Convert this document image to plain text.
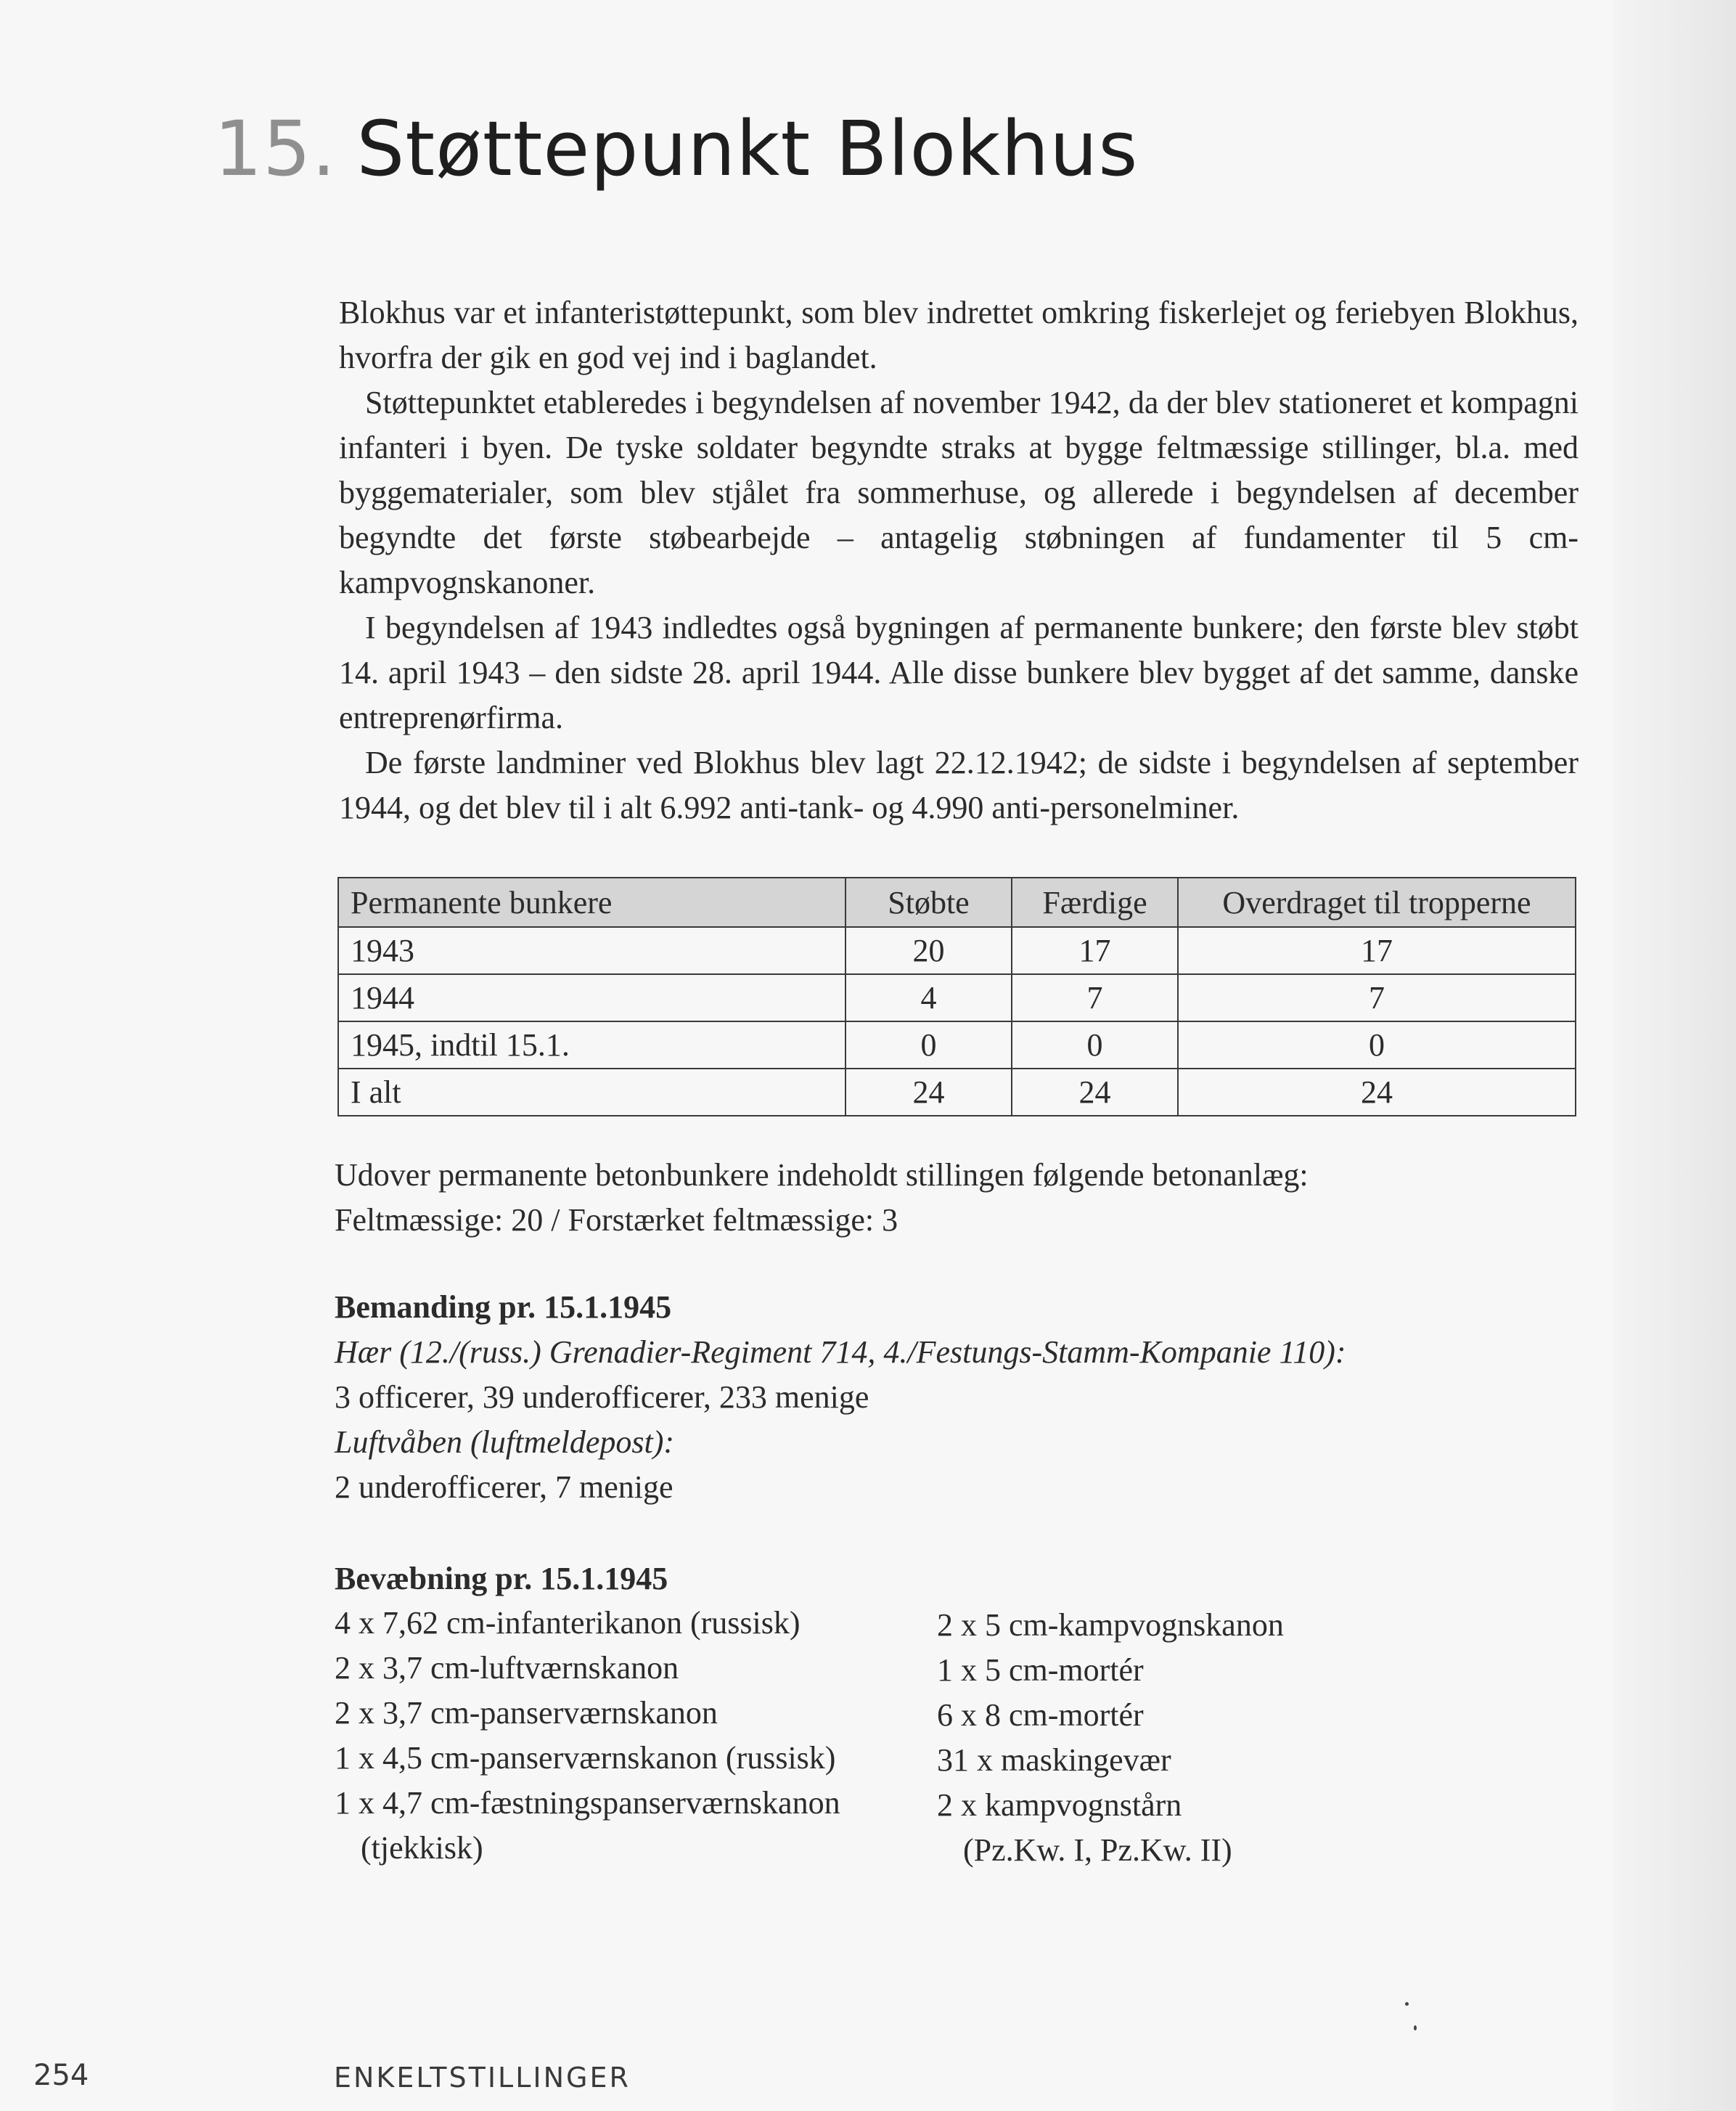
15. Støttepunkt Blokhus

Blokhus var et infanteristøttepunkt, som blev indrettet omkring fiskerlejet og feriebyen Blokhus, hvorfra der gik en god vej ind i baglandet.

Støttepunktet etableredes i begyndelsen af november 1942, da der blev stationeret et kompagni infanteri i byen. De tyske soldater begyndte straks at bygge feltmæssige stillinger, bl.a. med byggematerialer, som blev stjålet fra sommerhuse, og allerede i begyndelsen af december begyndte det første støbearbejde – antagelig støbningen af fundamenter til 5 cm-kampvognskanoner.

I begyndelsen af 1943 indledtes også bygningen af permanente bunkere; den første blev støbt 14. april 1943 – den sidste 28. april 1944. Alle disse bunkere blev bygget af det samme, danske entreprenørfirma.

De første landminer ved Blokhus blev lagt 22.12.1942; de sidste i begyndelsen af september 1944, og det blev til i alt 6.992 anti-tank- og 4.990 anti-personelminer.

Permanente bunkere	Støbte	Færdige	Overdraget til tropperne
1943	20	17	17
1944	4	7	7
1945, indtil 15.1.	0	0	0
I alt	24	24	24
Udover permanente betonbunkere indeholdt stillingen følgende betonanlæg:
Feltmæssige: 20 / Forstærket feltmæssige: 3
Bemanding pr. 15.1.1945
Hær (12./(russ.) Grenadier-Regiment 714, 4./Festungs-Stamm-Kompanie 110):
3 officerer, 39 underofficerer, 233 menige
Luftvåben (luftmeldepost):
2 underofficerer, 7 menige
Bevæbning pr. 15.1.1945
4 x 7,62 cm-infanterikanon (russisk)
2 x 3,7 cm-luftværnskanon
2 x 3,7 cm-panserværnskanon
1 x 4,5 cm-panserværnskanon (russisk)
1 x 4,7 cm-fæstningspanserværnskanon
(tjekkisk)
2 x 5 cm-kampvognskanon
1 x 5 cm-mortér
6 x 8 cm-mortér
31 x maskingevær
2 x kampvognstårn
(Pz.Kw. I, Pz.Kw. II)
254	ENKELTSTILLINGER
